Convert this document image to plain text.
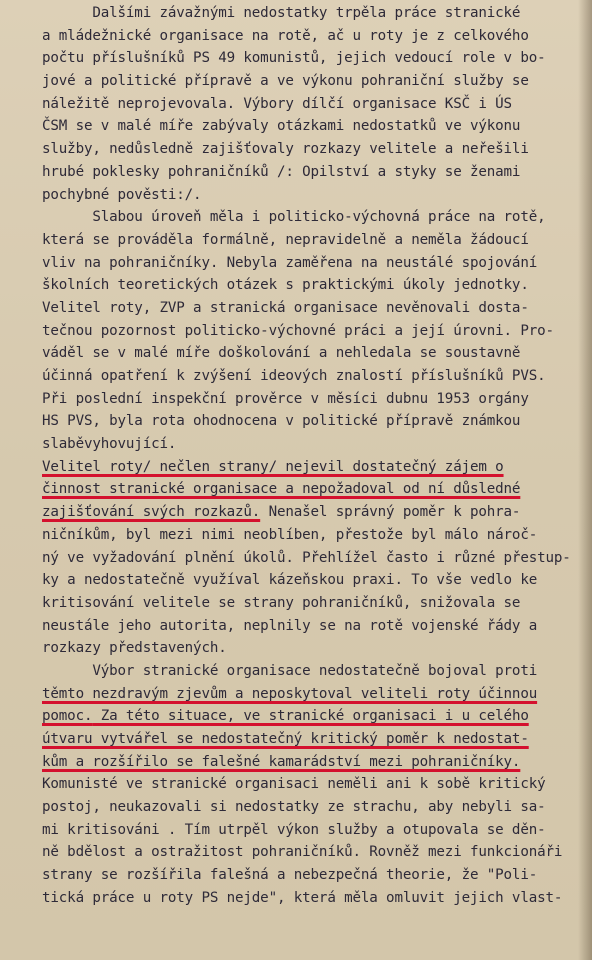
Dalšími závažnými nedostatky trpěla práce stranické
a mládežnické organisace na rotě, ač u roty je z celkového
počtu příslušníků PS 49 komunistů, jejich vedoucí role v bo-
jové a politické přípravě a ve výkonu pohraniční služby se
náležitě neprojevovala. Výbory dílčí organisace KSČ i ÚS
ČSM se v malé míře zabývaly otázkami nedostatků ve výkonu
služby, nedůsledně zajišťovaly rozkazy velitele a neřešili
hrubé poklesky pohraničníků /: Opilství a styky se ženami
pochybné pověsti:/.
Slabou úroveň měla i politicko-výchovná práce na rotě,
která se prováděla formálně, nepravidelně a neměla žádoucí
vliv na pohraničníky. Nebyla zaměřena na neustálé spojování
školních teoretických otázek s praktickými úkoly jednotky.
Velitel roty, ZVP a stranická organisace nevěnovali dosta-
tečnou pozornost politicko-výchovné práci a její úrovni. Pro-
váděl se v malé míře doškolování a nehledala se soustavně
účinná opatření k zvýšení ideových znalostí příslušníků PVS.
Při poslední inspekční prověrce v měsíci dubnu 1953 orgány
HS PVS, byla rota ohodnocena v politické přípravě známkou
slaběvyhovující.
Velitel roty/ nečlen strany/ nejevil dostatečný zájem o
činnost stranické organisace a nepožadoval od ní důsledné
zajišťování svých rozkazů. Nenašel správný poměr k pohra-
ničníkům, byl mezi nimi neoblíben, přestože byl málo nároč-
ný ve vyžadování plnění úkolů. Přehlížel často i různé přestup-
ky a nedostatečně využíval kázeňskou praxi. To vše vedlo ke
kritisování velitele se strany pohraničníků, snižovala se
neustále jeho autorita, neplnily se na rotě vojenské řády a
rozkazy představených.
Výbor stranické organisace nedostatečně bojoval proti
těmto nezdravým zjevům a neposkytoval veliteli roty účinnou
pomoc. Za této situace, ve stranické organisaci i u celého
útvaru vytvářel se nedostatečný kritický poměr k nedostat-
kům a rozšířilo se falešné kamarádství mezi pohraničníky.
Komunisté ve stranické organisaci neměli ani k sobě kritický
postoj, neukazovali si nedostatky ze strachu, aby nebyli sa-
mi kritisováni . Tím utrpěl výkon služby a otupovala se děn-
ně bdělost a ostražitost pohraničníků. Rovněž mezi funkcionáři
strany se rozšířila falešná a nebezpečná theorie, že "Poli-
tická práce u roty PS nejde", která měla omluvit jejich vlast-
